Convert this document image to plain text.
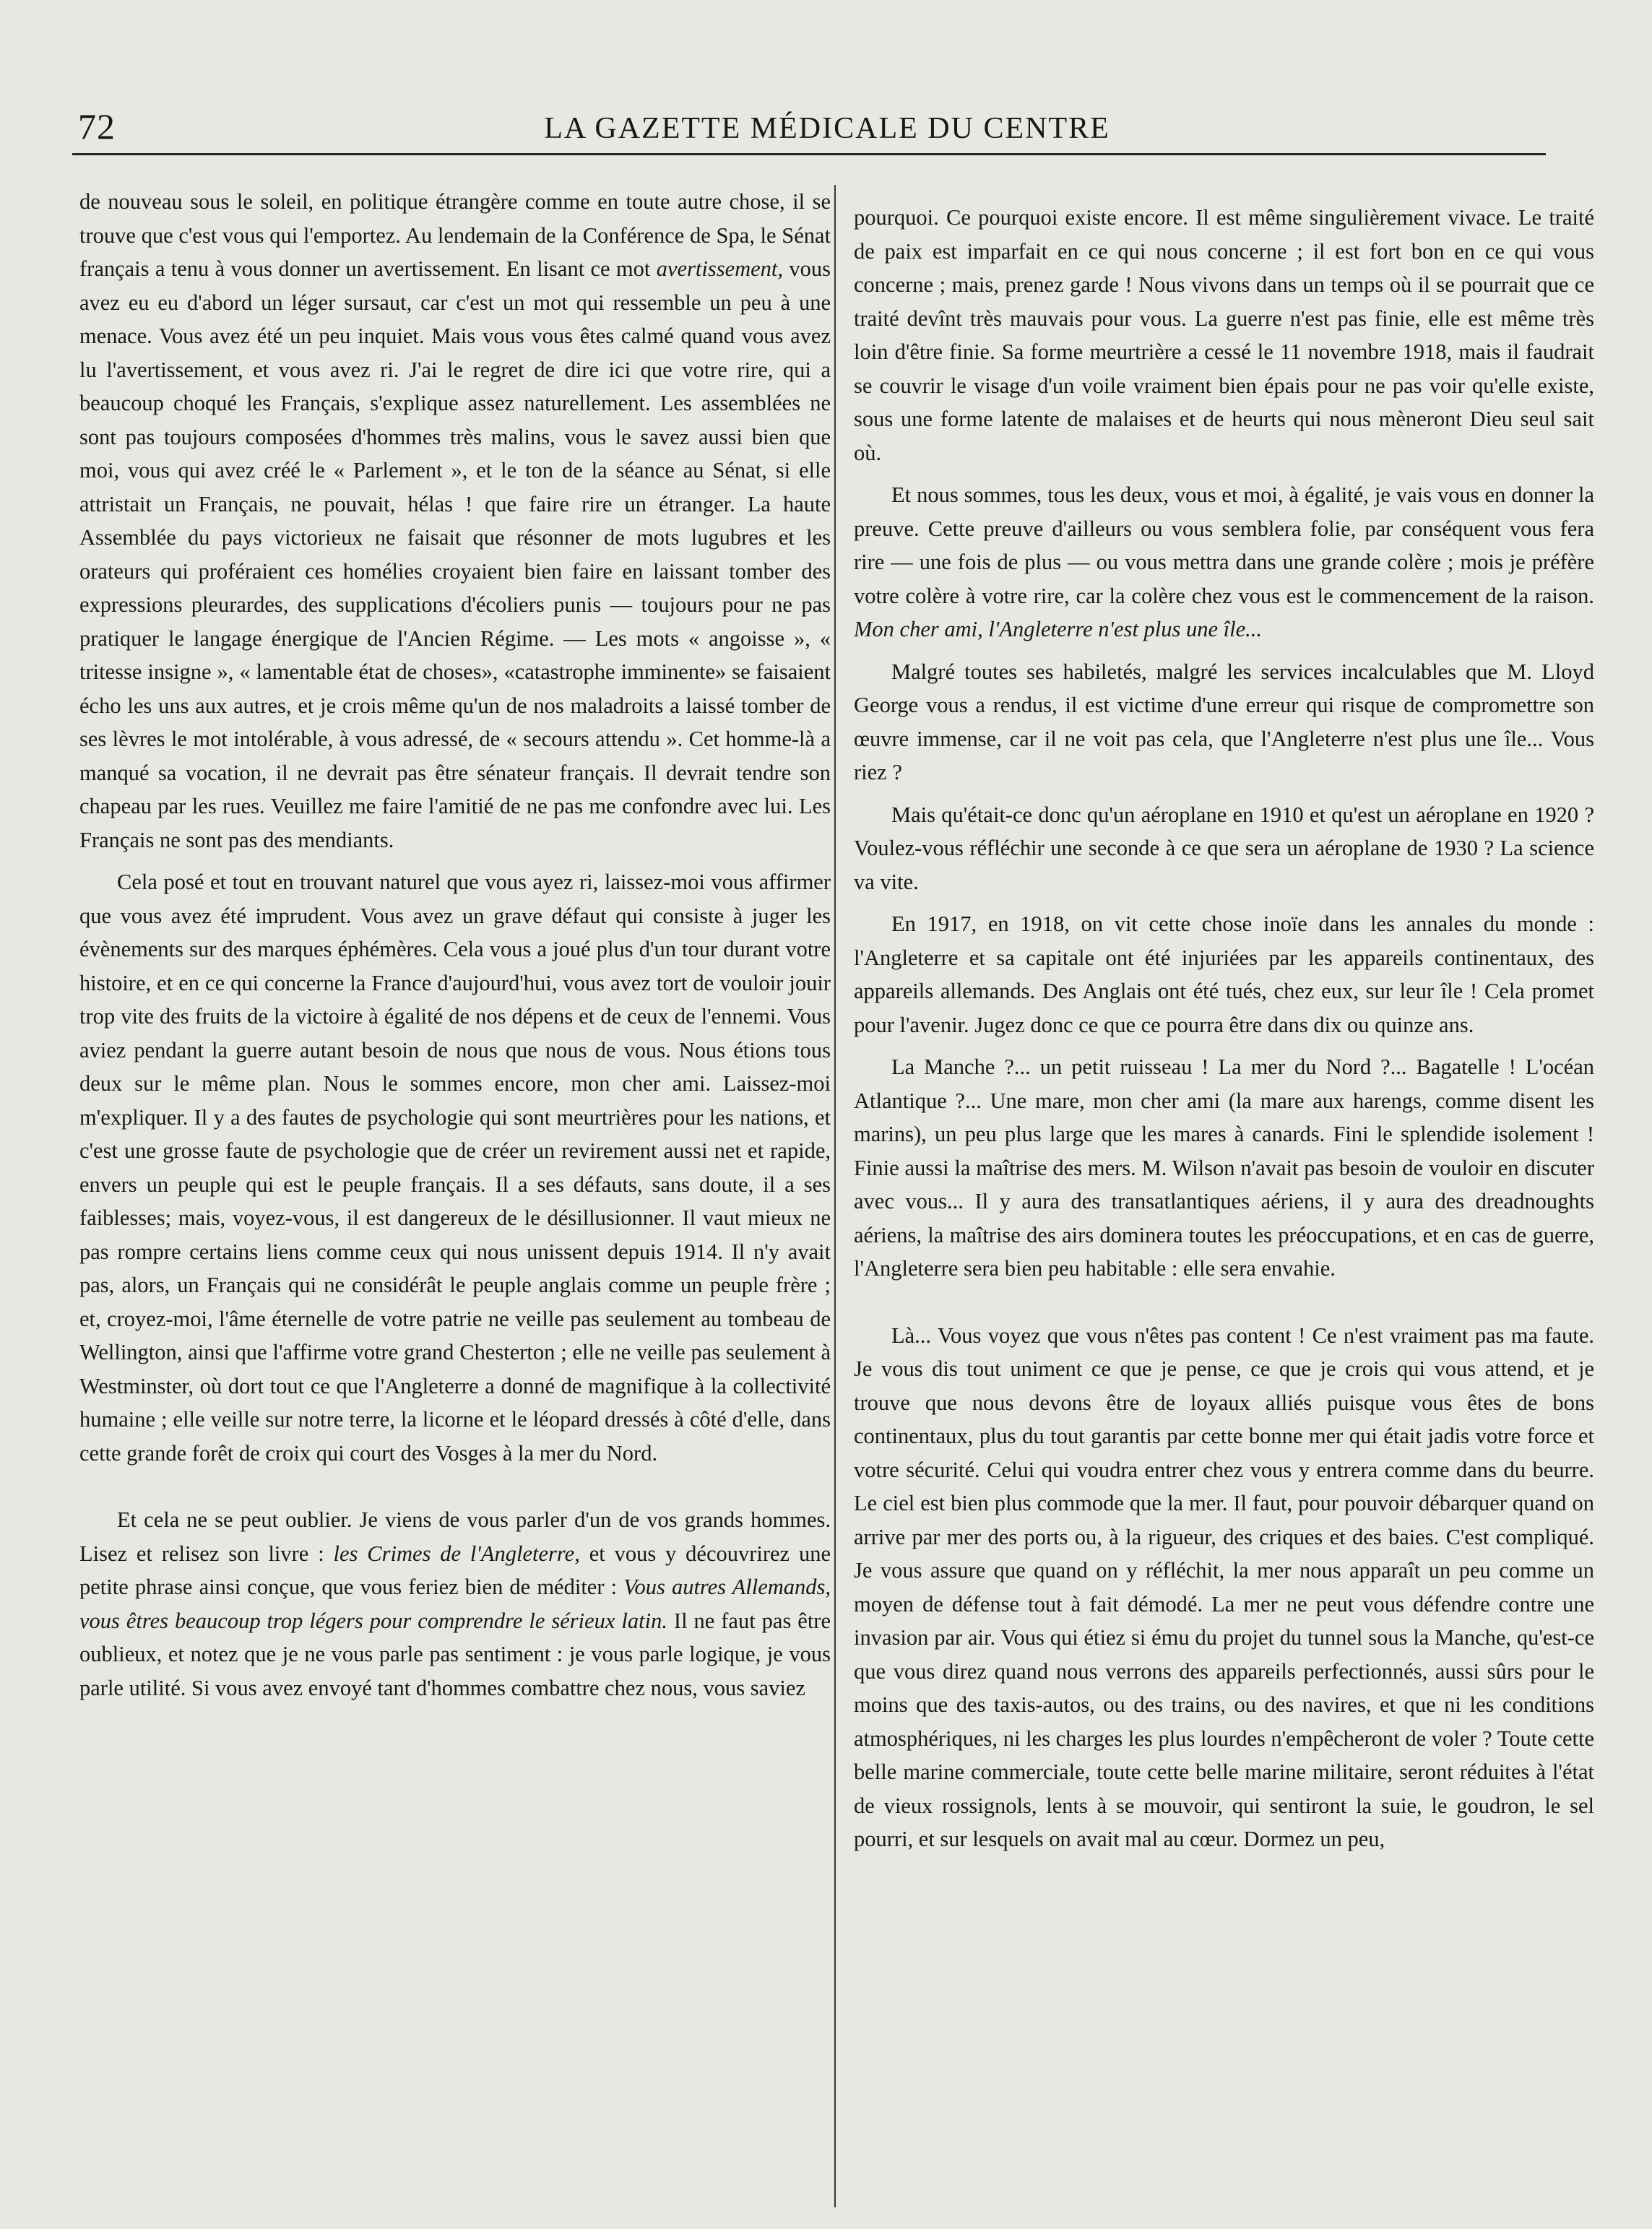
72	LA GAZETTE MÉDICALE DU CENTRE

de nouveau sous le soleil, en politique étrangère comme en toute autre chose, il se trouve que c'est vous qui l'emportez. Au lendemain de la Conférence de Spa, le Sénat français a tenu à vous donner un avertissement. En lisant ce mot avertissement, vous avez eu eu d'abord un léger sursaut, car c'est un mot qui ressemble un peu à une menace. Vous avez été un peu inquiet. Mais vous vous êtes calmé quand vous avez lu l'avertissement, et vous avez ri. J'ai le regret de dire ici que votre rire, qui a beaucoup choqué les Français, s'explique assez naturellement. Les assemblées ne sont pas toujours composées d'hommes très malins, vous le savez aussi bien que moi, vous qui avez créé le « Parlement », et le ton de la séance au Sénat, si elle attristait un Français, ne pouvait, hélas ! que faire rire un étranger. La haute Assemblée du pays victorieux ne faisait que résonner de mots lugubres et les orateurs qui proféraient ces homélies croyaient bien faire en laissant tomber des expressions pleurardes, des supplications d'écoliers punis — toujours pour ne pas pratiquer le langage énergique de l'Ancien Régime. — Les mots « angoisse », « tritesse insigne », « lamentable état de choses», «catastrophe imminente» se faisaient écho les uns aux autres, et je crois même qu'un de nos maladroits a laissé tomber de ses lèvres le mot intolérable, à vous adressé, de « secours attendu ». Cet homme-là a manqué sa vocation, il ne devrait pas être sénateur français. Il devrait tendre son chapeau par les rues. Veuillez me faire l'amitié de ne pas me confondre avec lui. Les Français ne sont pas des mendiants.

Cela posé et tout en trouvant naturel que vous ayez ri, laissez-moi vous affirmer que vous avez été imprudent. Vous avez un grave défaut qui consiste à juger les évènements sur des marques éphémères. Cela vous a joué plus d'un tour durant votre histoire, et en ce qui concerne la France d'aujourd'hui, vous avez tort de vouloir jouir trop vite des fruits de la victoire à égalité de nos dépens et de ceux de l'ennemi. Vous aviez pendant la guerre autant besoin de nous que nous de vous. Nous étions tous deux sur le même plan. Nous le sommes encore, mon cher ami. Laissez-moi m'expliquer. Il y a des fautes de psychologie qui sont meurtrières pour les nations, et c'est une grosse faute de psychologie que de créer un revirement aussi net et rapide, envers un peuple qui est le peuple français. Il a ses défauts, sans doute, il a ses faiblesses; mais, voyez-vous, il est dangereux de le désillusionner. Il vaut mieux ne pas rompre certains liens comme ceux qui nous unissent depuis 1914. Il n'y avait pas, alors, un Français qui ne considérât le peuple anglais comme un peuple frère ; et, croyez-moi, l'âme éternelle de votre patrie ne veille pas seulement au tombeau de Wellington, ainsi que l'affirme votre grand Chesterton ; elle ne veille pas seulement à Westminster, où dort tout ce que l'Angleterre a donné de magnifique à la collectivité humaine ; elle veille sur notre terre, la licorne et le léopard dressés à côté d'elle, dans cette grande forêt de croix qui court des Vosges à la mer du Nord.

Et cela ne se peut oublier. Je viens de vous parler d'un de vos grands hommes. Lisez et relisez son livre : les Crimes de l'Angleterre, et vous y découvrirez une petite phrase ainsi conçue, que vous feriez bien de méditer : Vous autres Allemands, vous êtres beaucoup trop légers pour comprendre le sérieux latin. Il ne faut pas être oublieux, et notez que je ne vous parle pas sentiment : je vous parle logique, je vous parle utilité. Si vous avez envoyé tant d'hommes combattre chez nous, vous saviez

pourquoi. Ce pourquoi existe encore. Il est même singulièrement vivace. Le traité de paix est imparfait en ce qui nous concerne ; il est fort bon en ce qui vous concerne ; mais, prenez garde ! Nous vivons dans un temps où il se pourrait que ce traité devînt très mauvais pour vous. La guerre n'est pas finie, elle est même très loin d'être finie. Sa forme meurtrière a cessé le 11 novembre 1918, mais il faudrait se couvrir le visage d'un voile vraiment bien épais pour ne pas voir qu'elle existe, sous une forme latente de malaises et de heurts qui nous mèneront Dieu seul sait où.

Et nous sommes, tous les deux, vous et moi, à égalité, je vais vous en donner la preuve. Cette preuve d'ailleurs ou vous semblera folie, par conséquent vous fera rire — une fois de plus — ou vous mettra dans une grande colère ; mois je préfère votre colère à votre rire, car la colère chez vous est le commencement de la raison. Mon cher ami, l'Angleterre n'est plus une île...

Malgré toutes ses habiletés, malgré les services incalculables que M. Lloyd George vous a rendus, il est victime d'une erreur qui risque de compromettre son œuvre immense, car il ne voit pas cela, que l'Angleterre n'est plus une île... Vous riez ?

Mais qu'était-ce donc qu'un aéroplane en 1910 et qu'est un aéroplane en 1920 ? Voulez-vous réfléchir une seconde à ce que sera un aéroplane de 1930 ? La science va vite.

En 1917, en 1918, on vit cette chose inoïe dans les annales du monde : l'Angleterre et sa capitale ont été injuriées par les appareils continentaux, des appareils allemands. Des Anglais ont été tués, chez eux, sur leur île ! Cela promet pour l'avenir. Jugez donc ce que ce pourra être dans dix ou quinze ans.

La Manche ?... un petit ruisseau ! La mer du Nord ?... Bagatelle ! L'océan Atlantique ?... Une mare, mon cher ami (la mare aux harengs, comme disent les marins), un peu plus large que les mares à canards. Fini le splendide isolement ! Finie aussi la maîtrise des mers. M. Wilson n'avait pas besoin de vouloir en discuter avec vous... Il y aura des transatlantiques aériens, il y aura des dreadnoughts aériens, la maîtrise des airs dominera toutes les préoccupations, et en cas de guerre, l'Angleterre sera bien peu habitable : elle sera envahie.

Là... Vous voyez que vous n'êtes pas content ! Ce n'est vraiment pas ma faute. Je vous dis tout uniment ce que je pense, ce que je crois qui vous attend, et je trouve que nous devons être de loyaux alliés puisque vous êtes de bons continentaux, plus du tout garantis par cette bonne mer qui était jadis votre force et votre sécurité. Celui qui voudra entrer chez vous y entrera comme dans du beurre. Le ciel est bien plus commode que la mer. Il faut, pour pouvoir débarquer quand on arrive par mer des ports ou, à la rigueur, des criques et des baies. C'est compliqué. Je vous assure que quand on y réfléchit, la mer nous apparaît un peu comme un moyen de défense tout à fait démodé. La mer ne peut vous défendre contre une invasion par air. Vous qui étiez si ému du projet du tunnel sous la Manche, qu'est-ce que vous direz quand nous verrons des appareils perfectionnés, aussi sûrs pour le moins que des taxis-autos, ou des trains, ou des navires, et que ni les conditions atmosphériques, ni les charges les plus lourdes n'empêcheront de voler ? Toute cette belle marine commerciale, toute cette belle marine militaire, seront réduites à l'état de vieux rossignols, lents à se mouvoir, qui sentiront la suie, le goudron, le sel pourri, et sur lesquels on avait mal au cœur. Dormez un peu,
